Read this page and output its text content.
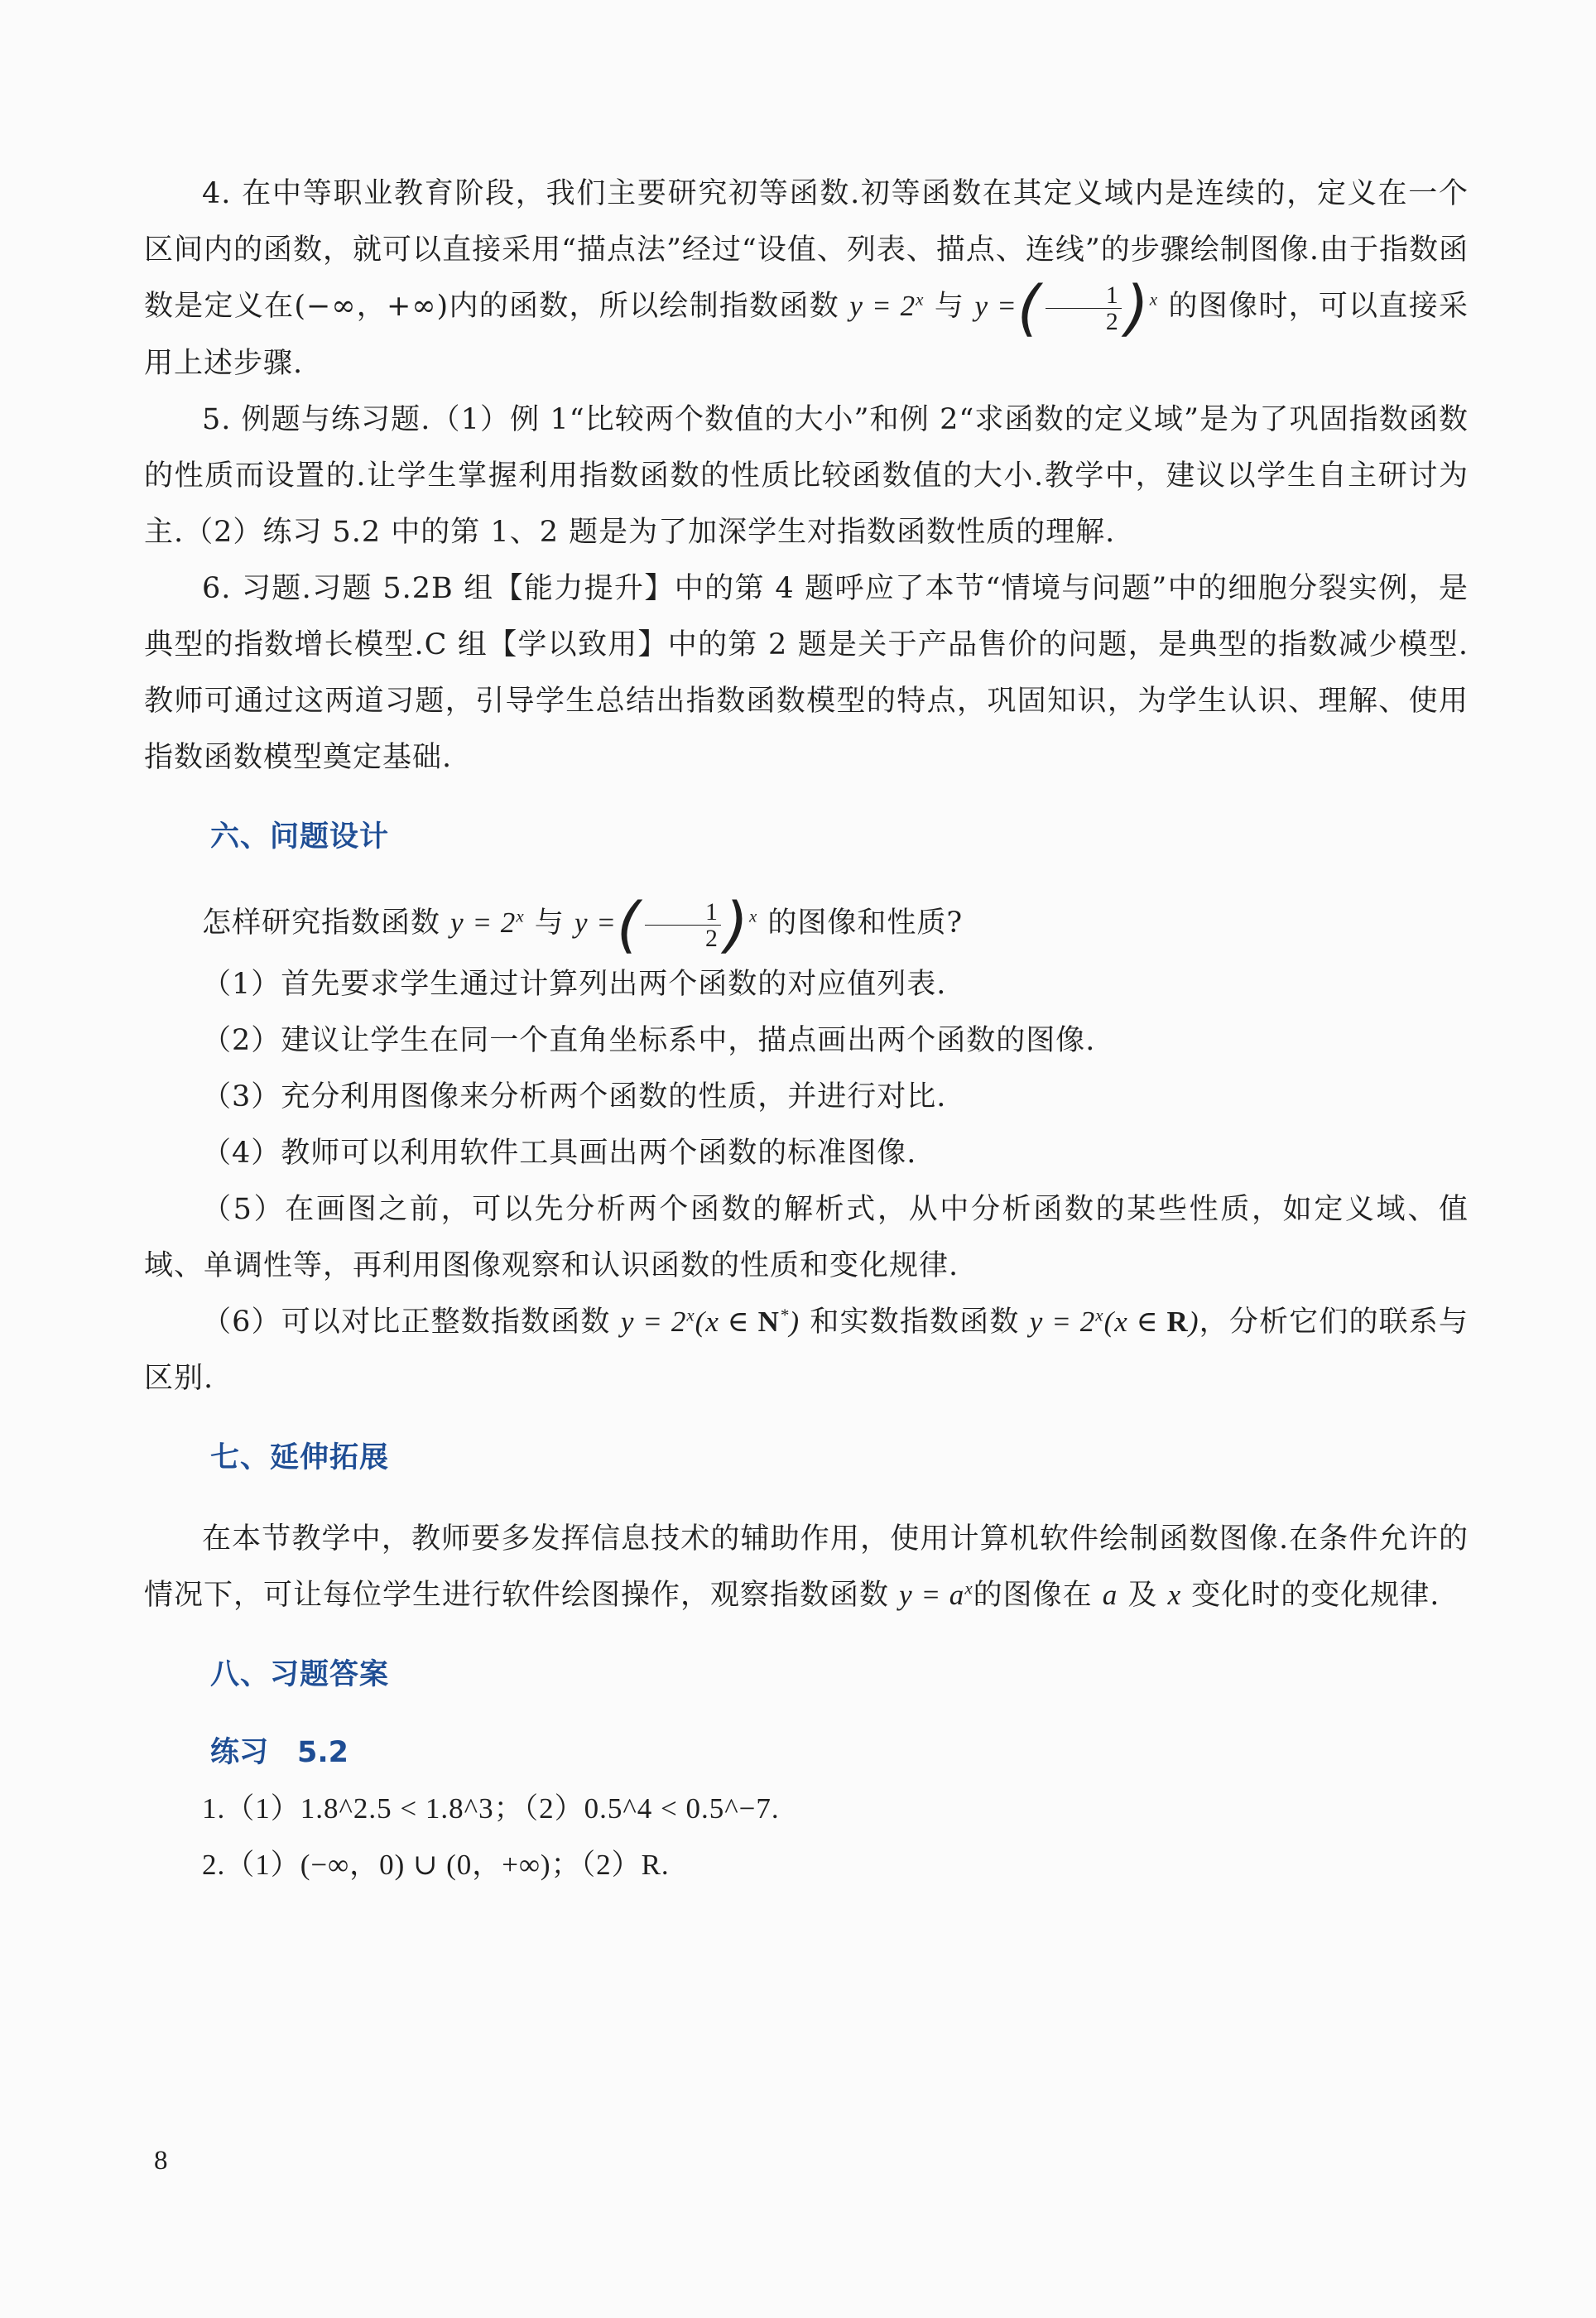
4. 在中等职业教育阶段，我们主要研究初等函数.初等函数在其定义域内是连续的，定义在一个区间内的函数，就可以直接采用“描点法”经过“设值、列表、描点、连线”的步骤绘制图像.由于指数函数是定义在(−∞，+∞)内的函数，所以绘制指数函数 $y = 2^x$ 与 y =( $\frac{1}{2} )^x$ 的图像时，可以直接采用上述步骤.

5. 例题与练习题.（1）例 1“比较两个数值的大小”和例 2“求函数的定义域”是为了巩固指数函数的性质而设置的.让学生掌握利用指数函数的性质比较函数值的大小.教学中，建议以学生自主研讨为主.（2）练习 5.2 中的第 1、2 题是为了加深学生对指数函数性质的理解.

6. 习题.习题 5.2B 组【能力提升】中的第 4 题呼应了本节“情境与问题”中的细胞分裂实例，是典型的指数增长模型.C 组【学以致用】中的第 2 题是关于产品售价的问题，是典型的指数减少模型.教师可通过这两道习题，引导学生总结出指数函数模型的特点，巩固知识，为学生认识、理解、使用指数函数模型奠定基础.

六、问题设计

怎样研究指数函数 $y = 2^x$ 与 y =( $\frac{1}{2} )^x$ 的图像和性质?

（1）首先要求学生通过计算列出两个函数的对应值列表.

（2）建议让学生在同一个直角坐标系中，描点画出两个函数的图像.

（3）充分利用图像来分析两个函数的性质，并进行对比.

（4）教师可以利用软件工具画出两个函数的标准图像.

（5）在画图之前，可以先分析两个函数的解析式，从中分析函数的某些性质，如定义域、值域、单调性等，再利用图像观察和认识函数的性质和变化规律.

（6）可以对比正整数指数函数 $y = 2^x(x$ ∈ N*) 和实数指数函数 $y = 2^x(x$ ∈ R)，分析它们的联系与区别.

七、延伸拓展

在本节教学中，教师要多发挥信息技术的辅助作用，使用计算机软件绘制函数图像.在条件允许的情况下，可让每位学生进行软件绘图操作，观察指数函数 $y = a^x$的图像在 a 及 x 变化时的变化规律.

八、习题答案
练习　5.2

1.（1）1.8^2.5 < 1.8^3；（2）0.5^4 < 0.5^−7.

2.（1）(−∞，0) ∪ (0，+∞)；（2）R.

8
